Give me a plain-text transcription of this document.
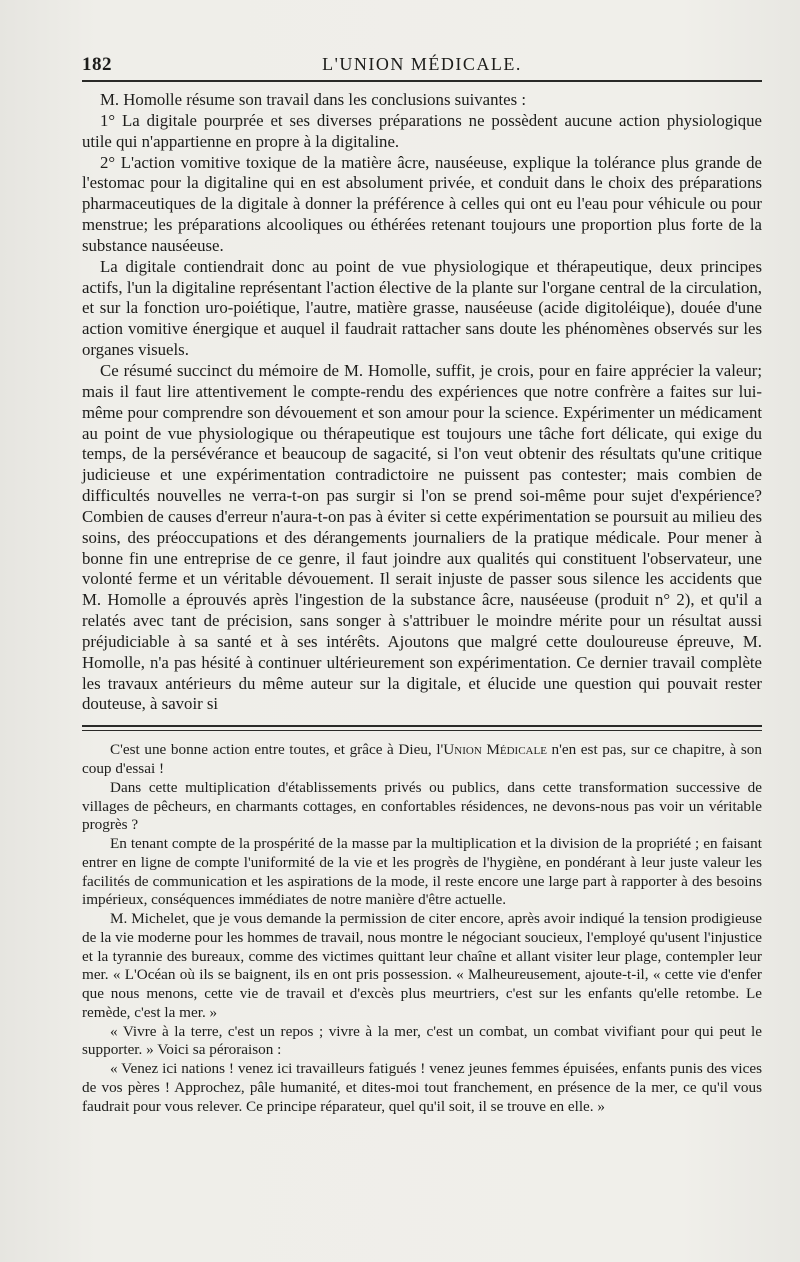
182	L'UNION MÉDICALE.

M. Homolle résume son travail dans les conclusions suivantes :

1° La digitale pourprée et ses diverses préparations ne possèdent aucune action physiologique utile qui n'appartienne en propre à la digitaline.

2° L'action vomitive toxique de la matière âcre, nauséeuse, explique la tolérance plus grande de l'estomac pour la digitaline qui en est absolument privée, et conduit dans le choix des préparations pharmaceutiques de la digitale à donner la préférence à celles qui ont eu l'eau pour véhicule ou pour menstrue; les préparations alcooliques ou éthérées retenant toujours une proportion plus forte de la substance nauséeuse.

La digitale contiendrait donc au point de vue physiologique et thérapeutique, deux principes actifs, l'un la digitaline représentant l'action élective de la plante sur l'organe central de la circulation, et sur la fonction uro-poiétique, l'autre, matière grasse, nauséeuse (acide digitoléique), douée d'une action vomitive énergique et auquel il faudrait rattacher sans doute les phénomènes observés sur les organes visuels.

Ce résumé succinct du mémoire de M. Homolle, suffit, je crois, pour en faire apprécier la valeur; mais il faut lire attentivement le compte-rendu des expériences que notre confrère a faites sur lui-même pour comprendre son dévouement et son amour pour la science. Expérimenter un médicament au point de vue physiologique ou thérapeutique est toujours une tâche fort délicate, qui exige du temps, de la persévérance et beaucoup de sagacité, si l'on veut obtenir des résultats qu'une critique judicieuse et une expérimentation contradictoire ne puissent pas contester; mais combien de difficultés nouvelles ne verra-t-on pas surgir si l'on se prend soi-même pour sujet d'expérience? Combien de causes d'erreur n'aura-t-on pas à éviter si cette expérimentation se poursuit au milieu des soins, des préoccupations et des dérangements journaliers de la pratique médicale. Pour mener à bonne fin une entreprise de ce genre, il faut joindre aux qualités qui constituent l'observateur, une volonté ferme et un véritable dévouement. Il serait injuste de passer sous silence les accidents que M. Homolle a éprouvés après l'ingestion de la substance âcre, nauséeuse (produit n° 2), et qu'il a relatés avec tant de précision, sans songer à s'attribuer le moindre mérite pour un résultat aussi préjudiciable à sa santé et à ses intérêts. Ajoutons que malgré cette douloureuse épreuve, M. Homolle, n'a pas hésité à continuer ultérieurement son expérimentation. Ce dernier travail complète les travaux antérieurs du même auteur sur la digitale, et élucide une question qui pouvait rester douteuse, à savoir si

C'est une bonne action entre toutes, et grâce à Dieu, l'Union Médicale n'en est pas, sur ce chapitre, à son coup d'essai !

Dans cette multiplication d'établissements privés ou publics, dans cette transformation successive de villages de pêcheurs, en charmants cottages, en confortables résidences, ne devons-nous pas voir un véritable progrès ?

En tenant compte de la prospérité de la masse par la multiplication et la division de la propriété ; en faisant entrer en ligne de compte l'uniformité de la vie et les progrès de l'hygiène, en pondérant à leur juste valeur les facilités de communication et les aspirations de la mode, il reste encore une large part à rapporter à des besoins impérieux, conséquences immédiates de notre manière d'être actuelle.

M. Michelet, que je vous demande la permission de citer encore, après avoir indiqué la tension prodigieuse de la vie moderne pour les hommes de travail, nous montre le négociant soucieux, l'employé qu'usent l'injustice et la tyrannie des bureaux, comme des victimes quittant leur chaîne et allant visiter leur plage, contempler leur mer. « L'Océan où ils se baignent, ils en ont pris possession. « Malheureusement, ajoute-t-il, « cette vie d'enfer que nous menons, cette vie de travail et d'excès plus meurtriers, c'est sur les enfants qu'elle retombe. Le remède, c'est la mer. »

« Vivre à la terre, c'est un repos ; vivre à la mer, c'est un combat, un combat vivifiant pour qui peut le supporter. » Voici sa péroraison :

« Venez ici nations ! venez ici travailleurs fatigués ! venez jeunes femmes épuisées, enfants punis des vices de vos pères ! Approchez, pâle humanité, et dites-moi tout franchement, en présence de la mer, ce qu'il vous faudrait pour vous relever. Ce principe réparateur, quel qu'il soit, il se trouve en elle. »
